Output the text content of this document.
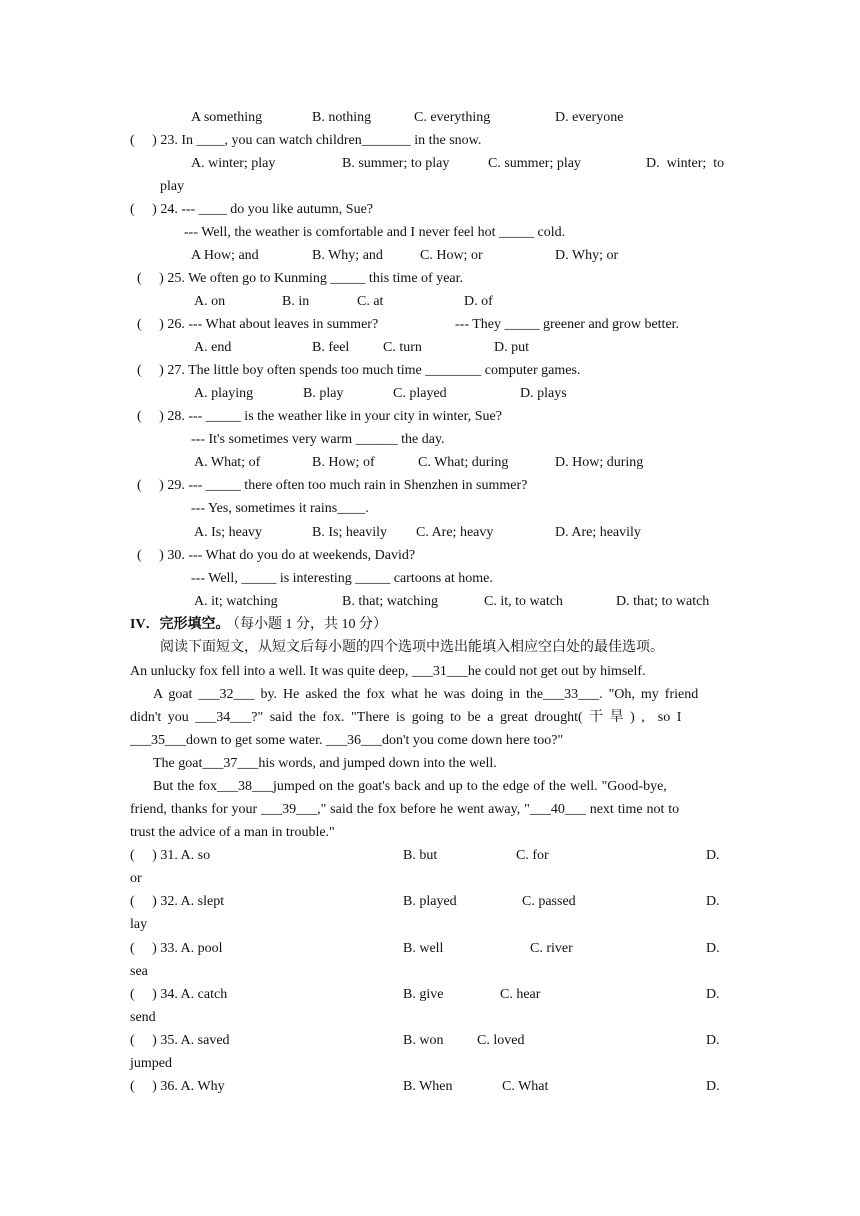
A something	B. nothing	C. everything	D. everyone
(     ) 23. In ____, you can watch children_______ in the snow.
A. winter; play	B. summer; to play	C. summer; play	D.  winter;  to
play
(     ) 24. --- ____ do you like autumn, Sue?
--- Well, the weather is comfortable and I never feel hot _____ cold.
A How; and	B. Why; and	C. How; or	D. Why; or
(     ) 25. We often go to Kunming _____ this time of year.
A. on	B. in	C. at	D. of
(     ) 26. --- What about leaves in summer?	--- They _____ greener and grow better.
A. end	B. feel C. turn	D. put
(     ) 27. The little boy often spends too much time ________ computer games.
A. playing	B. play	C. played	D. plays
(     ) 28. --- _____ is the weather like in your city in winter, Sue?
--- It's sometimes very warm ______ the day.
A. What; of	B. How; of	C. What; during	D. How; during
(     ) 29. --- _____ there often too much rain in Shenzhen in summer?
--- Yes, sometimes it rains____.
A. Is; heavy	B. Is; heavily C. Are; heavy	D. Are; heavily
(     ) 30. --- What do you do at weekends, David?
--- Well, _____ is interesting _____ cartoons at home.
A. it; watching	B. that; watching	C. it, to watch	D. that; to watch
IV．完形填空。
（每小题 1 分，共 10 分）
阅读下面短文，从短文后每小题的四个选项中选出能填入相应空白处的最佳选项。
An unlucky fox fell into a well. It was quite deep, ___31___he could not get out by himself.
A goat ___32___ by. He asked the fox what he was doing in the___33___. "Oh, my friend
didn't you ___34___?" said the fox. "There is going to be a great drought( 干 旱 ) ,  so I
___35___down to get some water. ___36___don't you come down here too?"
The goat___37___his words, and jumped down into the well.
But the fox___38___jumped on the goat's back and up to the edge of the well. "Good-bye,
friend, thanks for your ___39___," said the fox before he went away, "___40___ next time not to
trust the advice of a man in trouble."
(     ) 31. A. so	B. but	C. for	D.
or
(     ) 32. A. slept	B. played	C. passed	D.
lay
(     ) 33. A. pool	B. well	C. river	D.
sea
(     ) 34. A. catch	B. give	C. hear	D.
send
(     ) 35. A. saved	B. won C. loved	D.
jumped
(     ) 36. A. Why	B. When	C. What	D.
